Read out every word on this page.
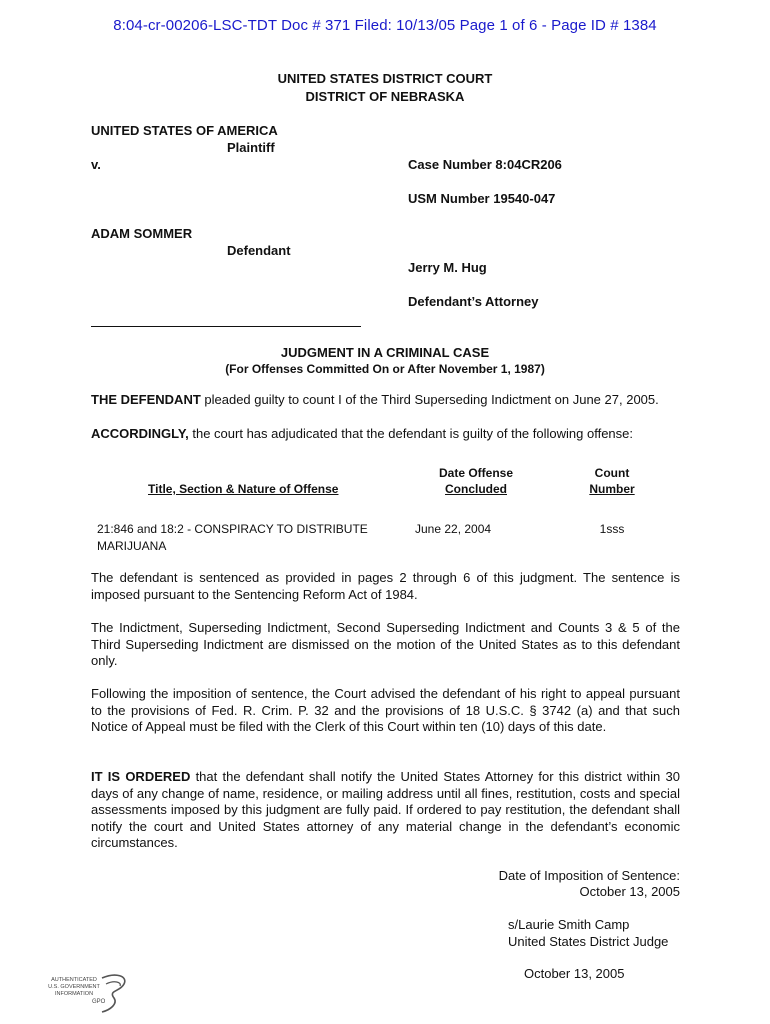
8:04-cr-00206-LSC-TDT Doc # 371 Filed: 10/13/05 Page 1 of 6 - Page ID # 1384
UNITED STATES DISTRICT COURT
DISTRICT OF NEBRASKA
UNITED STATES OF AMERICA
Plaintiff
v.	Case Number 8:04CR206
USM Number 19540-047
ADAM SOMMER
Defendant
Jerry M. Hug
Defendant’s Attorney
JUDGMENT IN A CRIMINAL CASE
(For Offenses Committed On or After November 1, 1987)
THE DEFENDANT pleaded guilty to count I of the Third Superseding Indictment on June 27, 2005.
ACCORDINGLY, the court has adjudicated that the defendant is guilty of the following offense:
Title, Section & Nature of Offense
Date Offense
Concluded
Count
Number
21:846 and 18:2 - CONSPIRACY TO DISTRIBUTE
MARIJUANA
June 22, 2004	1sss
The defendant is sentenced as provided in pages 2 through 6 of this judgment. The sentence is imposed pursuant to the Sentencing Reform Act of 1984.
The Indictment, Superseding Indictment, Second Superseding Indictment and Counts 3 & 5 of the Third Superseding Indictment are dismissed on the motion of the United States as to this defendant only.
Following the imposition of sentence, the Court advised the defendant of his right to appeal pursuant to the provisions of Fed. R. Crim. P. 32 and the provisions of 18 U.S.C. § 3742 (a) and that such Notice of Appeal must be filed with the Clerk of this Court within ten (10) days of this date.
IT IS ORDERED that the defendant shall notify the United States Attorney for this district within 30 days of any change of name, residence, or mailing address until all fines, restitution, costs and special assessments imposed by this judgment are fully paid. If ordered to pay restitution, the defendant shall notify the court and United States attorney of any material change in the defendant’s economic circumstances.
Date of Imposition of Sentence:
October 13, 2005
s/Laurie Smith Camp
United States District Judge
October 13, 2005
AUTHENTICATED
U.S. GOVERNMENT
INFORMATION
GPO
